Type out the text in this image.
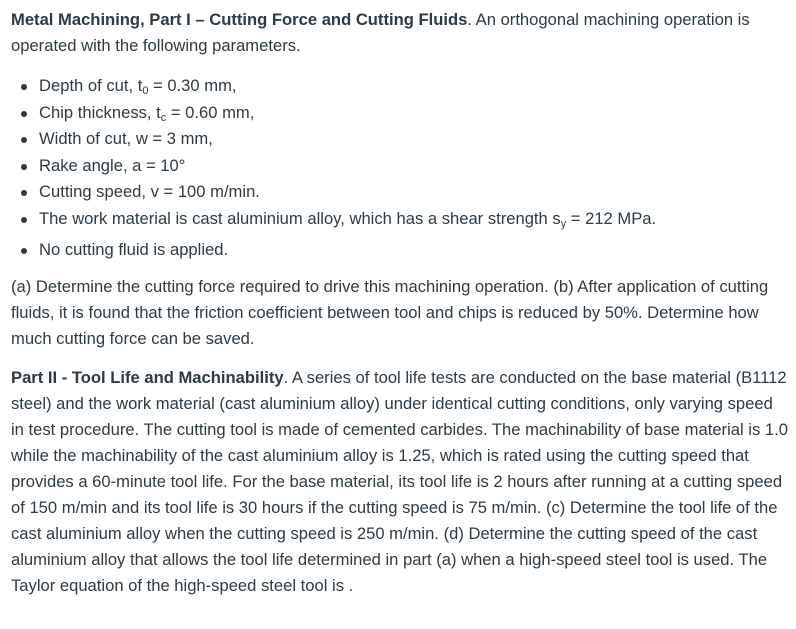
Metal Machining, Part I – Cutting Force and Cutting Fluids. An orthogonal machining operation is operated with the following parameters.

Depth of cut, $t_0 = 0.30$ mm,
Chip thickness, $t_c = 0.60$ mm,
Width of cut, w = 3 mm,
Rake angle, a = 10°
Cutting speed, v = 100 m/min.
The work material is cast aluminium alloy, which has a shear strength $s_y = 212$ MPa.
No cutting fluid is applied.

(a) Determine the cutting force required to drive this machining operation. (b) After application of cutting fluids, it is found that the friction coefficient between tool and chips is reduced by 50%. Determine how much cutting force can be saved.

Part II - Tool Life and Machinability. A series of tool life tests are conducted on the base material (B1112 steel) and the work material (cast aluminium alloy) under identical cutting conditions, only varying speed in test procedure. The cutting tool is made of cemented carbides. The machinability of base material is 1.0 while the machinability of the cast aluminium alloy is 1.25, which is rated using the cutting speed that provides a 60-minute tool life. For the base material, its tool life is 2 hours after running at a cutting speed of 150 m/min and its tool life is 30 hours if the cutting speed is 75 m/min. (c) Determine the tool life of the cast aluminium alloy when the cutting speed is 250 m/min. (d) Determine the cutting speed of the cast aluminium alloy that allows the tool life determined in part (a) when a high-speed steel tool is used. The Taylor equation of the high-speed steel tool is .
